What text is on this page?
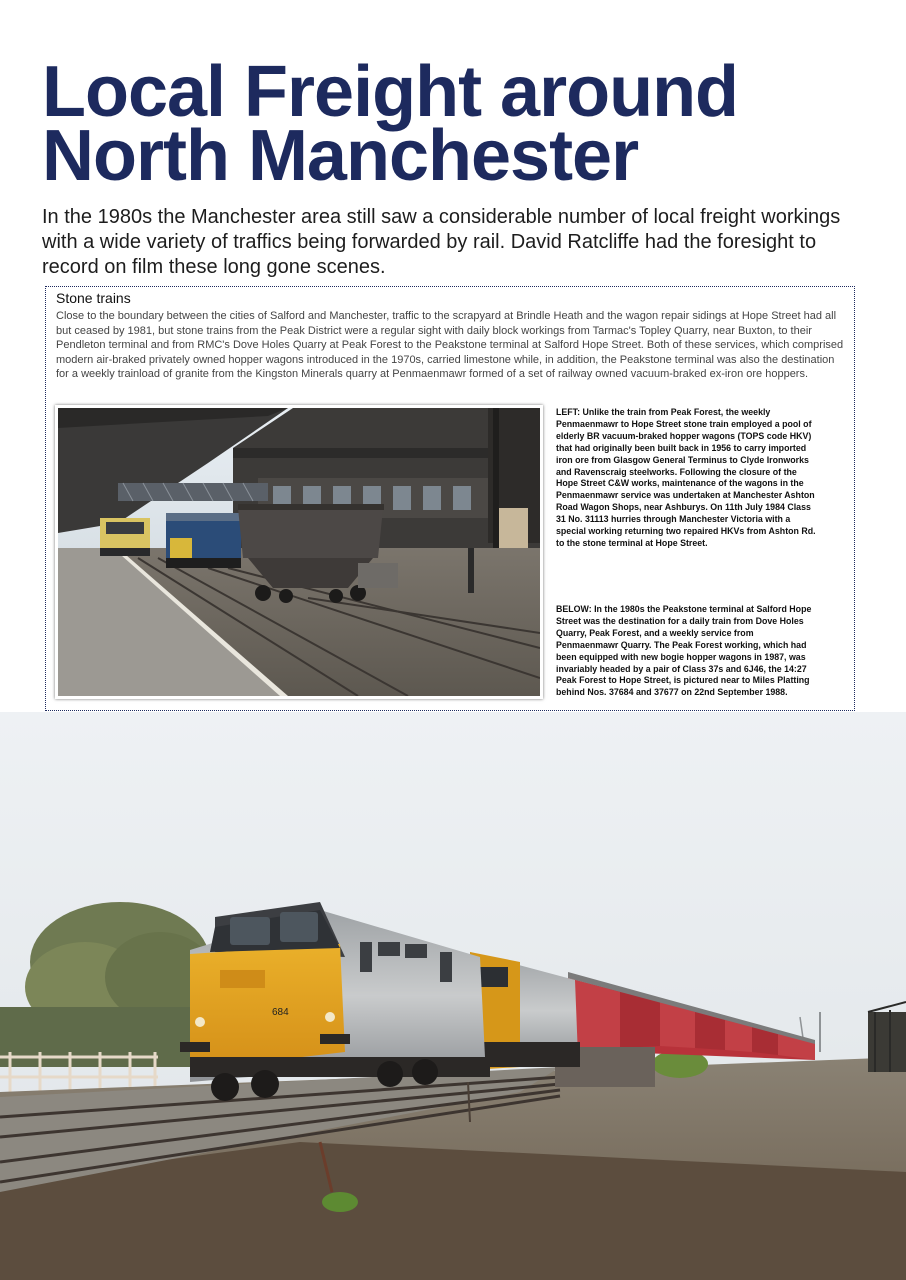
Local Freight around
North Manchester

In the 1980s the Manchester area still saw a considerable number of local freight workings with a wide variety of traffics being forwarded by rail. David Ratcliffe had the foresight to record on film these long gone scenes.

Stone trains

Close to the boundary between the cities of Salford and Manchester, traffic to the scrapyard at Brindle Heath and the wagon repair sidings at Hope Street had all but ceased by 1981, but stone trains from the Peak District were a regular sight with daily block workings from Tarmac's Topley Quarry, near Buxton, to their Pendleton terminal and from RMC's Dove Holes Quarry at Peak Forest to the Peakstone terminal at Salford Hope Street. Both of these services, which comprised modern air-braked privately owned hopper wagons introduced in the 1970s, carried limestone while, in addition, the Peakstone terminal was also the destination for a weekly trainload of granite from the Kingston Minerals quarry at Penmaenmawr formed of a set of railway owned vacuum-braked ex-iron ore hoppers.

LEFT: Unlike the train from Peak Forest, the weekly Penmaenmawr to Hope Street stone train employed a pool of elderly BR vacuum-braked hopper wagons (TOPS code HKV) that had originally been built back in 1956 to carry imported iron ore from Glasgow General Terminus to Clyde Ironworks and Ravenscraig steelworks. Following the closure of the Hope Street C&W works, maintenance of the wagons in the Penmaenmawr service was undertaken at Manchester Ashton Road Wagon Shops, near Ashburys. On 11th July 1984 Class 31 No. 31113 hurries through Manchester Victoria with a special working returning two repaired HKVs from Ashton Rd. to the stone terminal at Hope Street.

BELOW: In the 1980s the Peakstone terminal at Salford Hope Street was the destination for a daily train from Dove Holes Quarry, Peak Forest, and a weekly service from Penmaenmawr Quarry. The Peak Forest working, which had been equipped with new bogie hopper wagons in 1987, was invariably headed by a pair of Class 37s and 6J46, the 14:27 Peak Forest to Hope Street, is pictured near to Miles Platting behind Nos. 37684 and 37677 on 22nd September 1988.

684
